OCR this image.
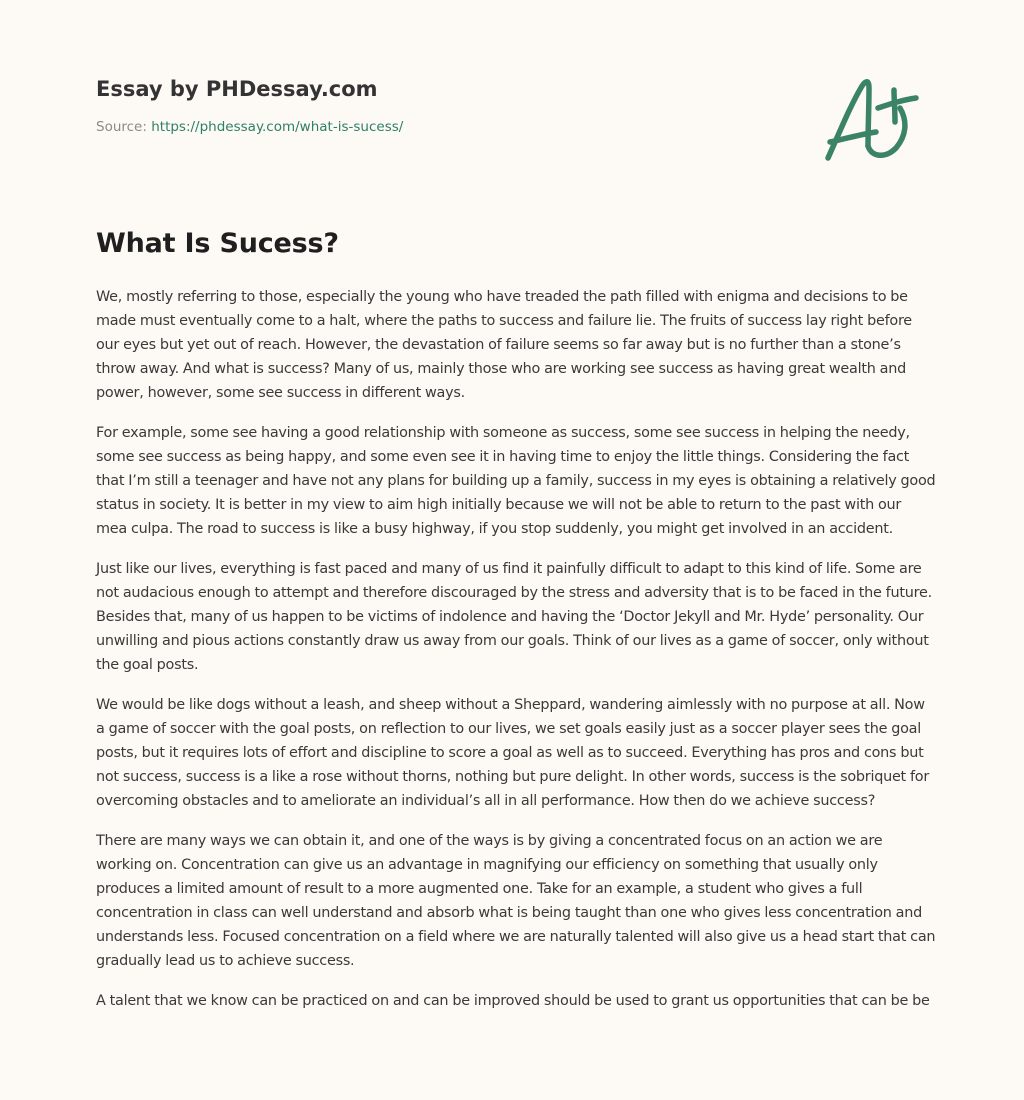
Essay by PHDessay.com
Source: https://phdessay.com/what-is-sucess/
What Is Sucess?

We, mostly referring to those, especially the young who have treaded the path filled with enigma and decisions to be made must eventually come to a halt, where the paths to success and failure lie. The fruits of success lay right before our eyes but yet out of reach. However, the devastation of failure seems so far away but is no further than a stone’s throw away. And what is success? Many of us, mainly those who are working see success as having great wealth and power, however, some see success in different ways.

For example, some see having a good relationship with someone as success, some see success in helping the needy, some see success as being happy, and some even see it in having time to enjoy the little things. Considering the fact that I’m still a teenager and have not any plans for building up a family, success in my eyes is obtaining a relatively good status in society. It is better in my view to aim high initially because we will not be able to return to the past with our mea culpa. The road to success is like a busy highway, if you stop suddenly, you might get involved in an accident.

Just like our lives, everything is fast paced and many of us find it painfully difficult to adapt to this kind of life. Some are not audacious enough to attempt and therefore discouraged by the stress and adversity that is to be faced in the future. Besides that, many of us happen to be victims of indolence and having the ‘Doctor Jekyll and Mr. Hyde’ personality. Our unwilling and pious actions constantly draw us away from our goals. Think of our lives as a game of soccer, only without the goal posts.

We would be like dogs without a leash, and sheep without a Sheppard, wandering aimlessly with no purpose at all. Now a game of soccer with the goal posts, on reflection to our lives, we set goals easily just as a soccer player sees the goal posts, but it requires lots of effort and discipline to score a goal as well as to succeed. Everything has pros and cons but not success, success is a like a rose without thorns, nothing but pure delight. In other words, success is the sobriquet for overcoming obstacles and to ameliorate an individual’s all in all performance. How then do we achieve success?

There are many ways we can obtain it, and one of the ways is by giving a concentrated focus on an action we are working on. Concentration can give us an advantage in magnifying our efficiency on something that usually only produces a limited amount of result to a more augmented one. Take for an example, a student who gives a full concentration in class can well understand and absorb what is being taught than one who gives less concentration and understands less. Focused concentration on a field where we are naturally talented will also give us a head start that can gradually lead us to achieve success.

A talent that we know can be practiced on and can be improved should be used to grant us opportunities that can be be
